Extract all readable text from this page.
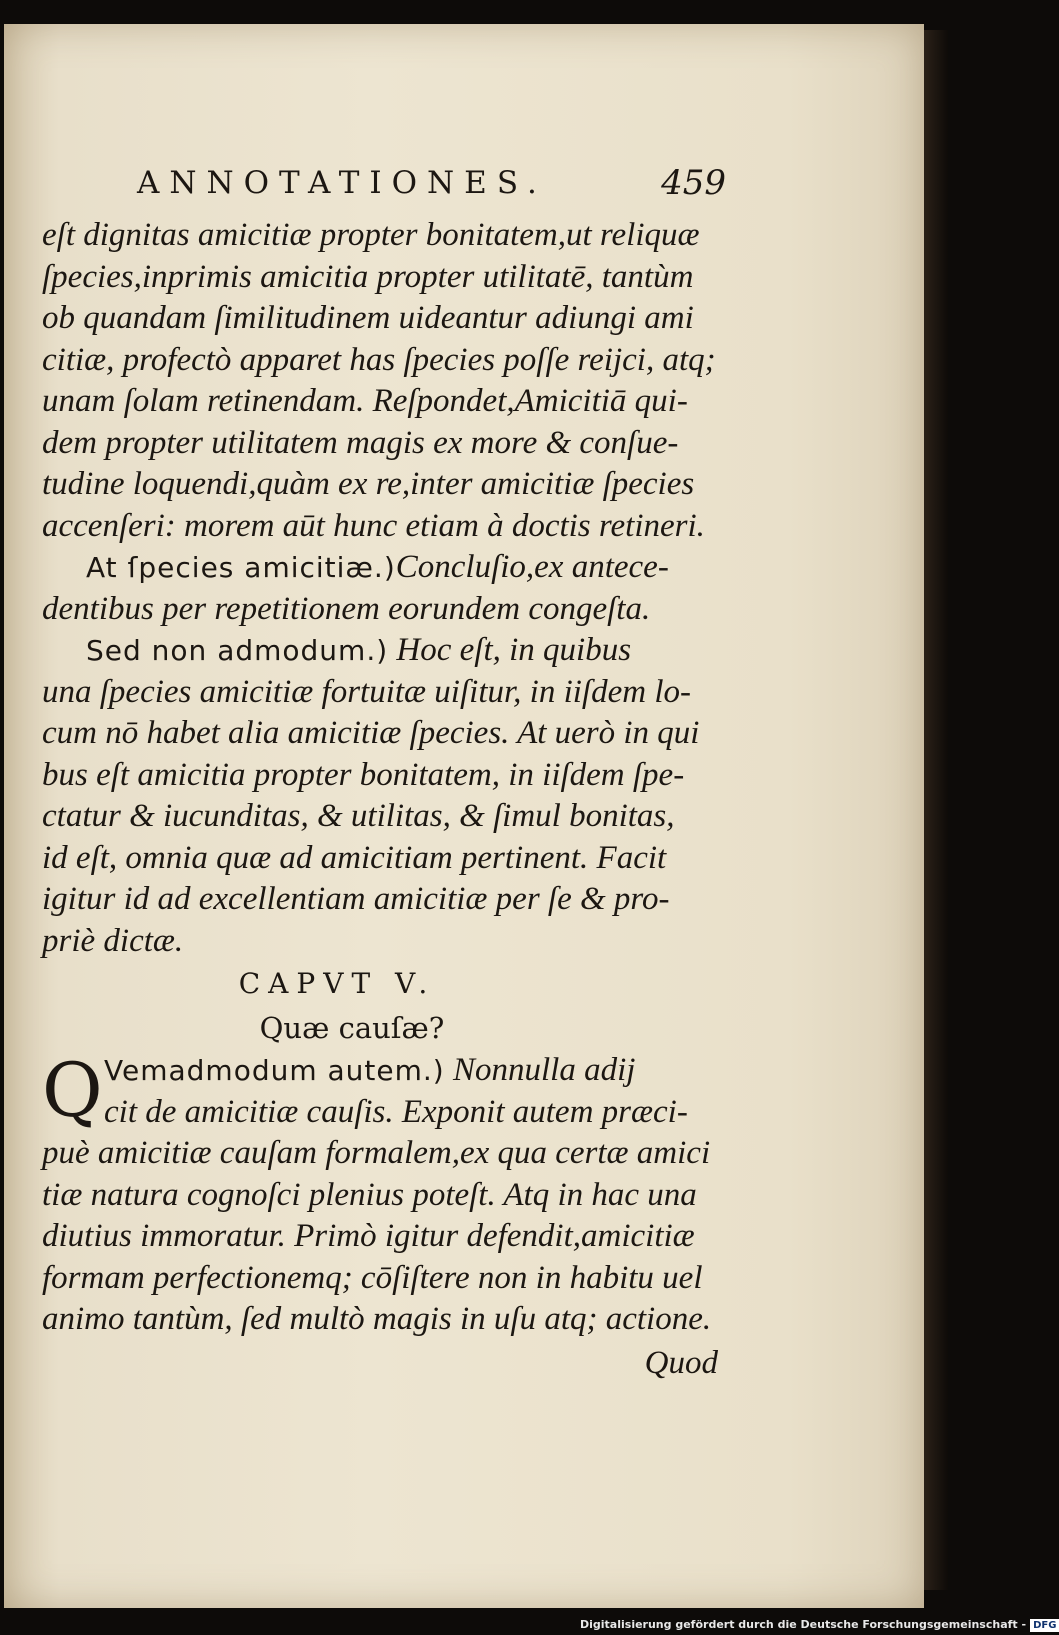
ANNOTATIONES.	459
eſt dignitas amicitiæ propter bonitatem,ut reliquæ
ſpecies,inprimis amicitia propter utilitatē, tantùm
ob quandam ſimilitudinem uideantur adiungi ami
citiæ, profectò apparet has ſpecies poſſe reijci, atq;
unam ſolam retinendam. Reſpondet,Amicitiā qui-
dem propter utilitatem magis ex more & conſue-
tudine loquendi,quàm ex re,inter amicitiæ ſpecies
accenſeri: morem aūt hunc etiam à doctis retineri.
At ſpecies amicitiæ.)Concluſio,ex antece-
dentibus per repetitionem eorundem congeſta.
Sed non admodum.) Hoc eſt, in quibus
una ſpecies amicitiæ fortuitæ uiſitur, in iiſdem lo-
cum nō habet alia amicitiæ ſpecies. At uerò in qui
bus eſt amicitia propter bonitatem, in iiſdem ſpe-
ctatur & iucunditas, & utilitas, & ſimul bonitas,
id eſt, omnia quæ ad amicitiam pertinent. Facit
igitur id ad excellentiam amicitiæ per ſe & pro-
priè dictæ.
CAPVT V.
Quæ cauſæ?
Q Vemadmodum autem.) Nonnulla adij
cit de amicitiæ cauſis. Exponit autem præci-
puè amicitiæ cauſam formalem,ex qua certæ amici
tiæ natura cognoſci plenius poteſt. Atq in hac una
diutius immoratur. Primò igitur defendit,amicitiæ
formam perfectionemq; cōſiſtere non in habitu uel
animo tantùm, ſed multò magis in uſu atq; actione.
Quod
Digitalisierung gefördert durch die Deutsche Forschungsgemeinschaft - DFG
